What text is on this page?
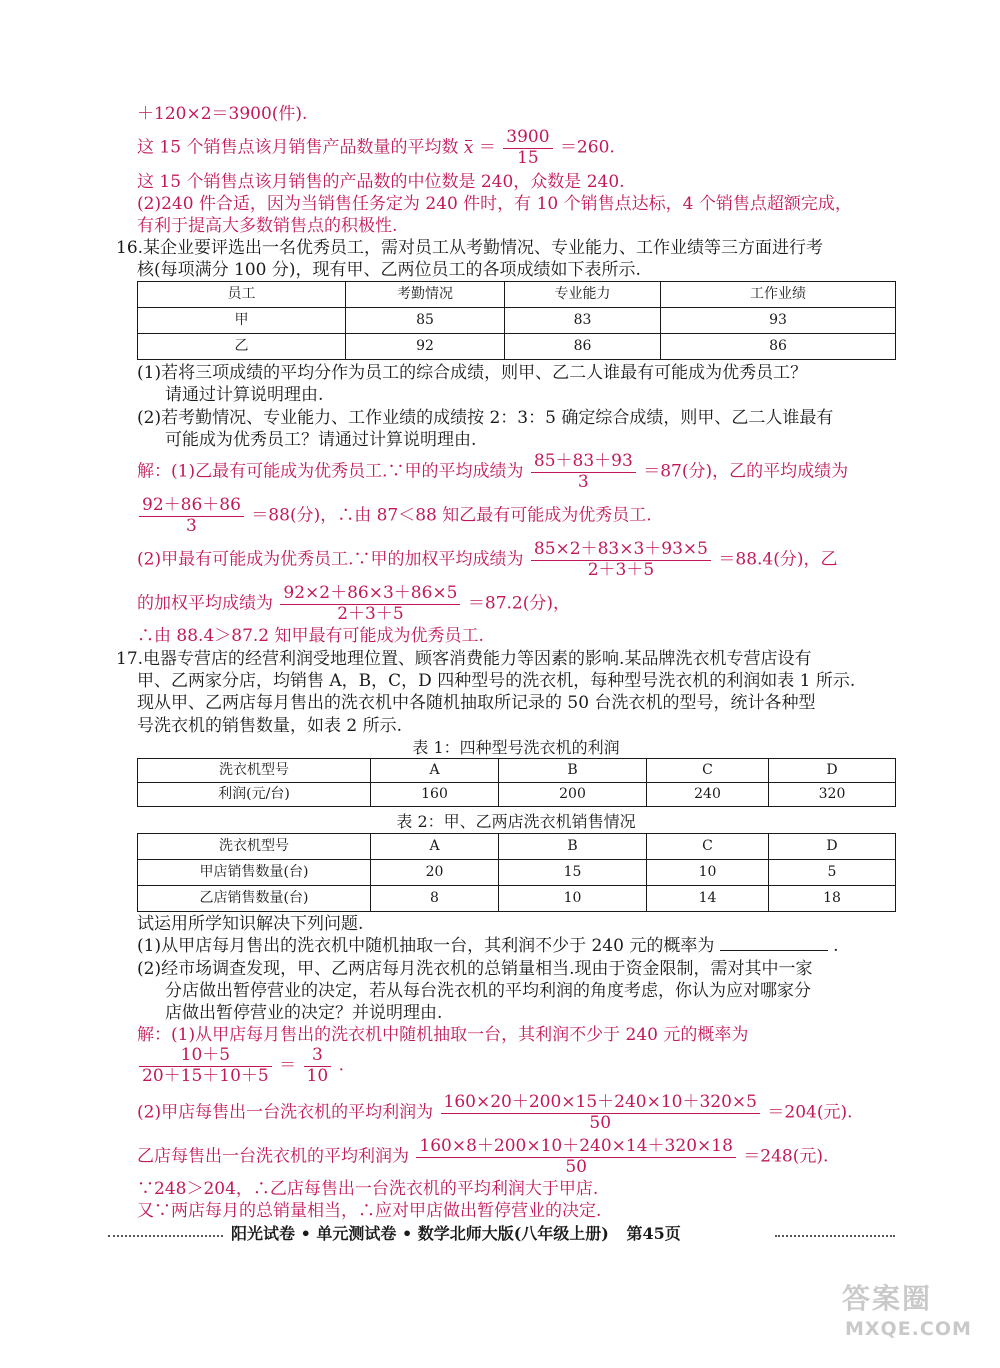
＋120×2＝3900(件).
这 15 个销售点该月销售产品数量的平均数 $x = \frac{3900}{15} =260$.
这 15 个销售点该月销售的产品数的中位数是 240，众数是 240.
(2)240 件合适，因为当销售任务定为 240 件时，有 10 个销售点达标，4 个销售点超额完成，
有利于提高大多数销售点的积极性.
16.某企业要评选出一名优秀员工，需对员工从考勤情况、专业能力、工作业绩等三方面进行考
核(每项满分 100 分)，现有甲、乙两位员工的各项成绩如下表所示.
员工	考勤情况	专业能力	工作业绩
甲	85	83	93
乙	92	86	86
(1)若将三项成绩的平均分作为员工的综合成绩，则甲、乙二人谁最有可能成为优秀员工？
请通过计算说明理由.
(2)若考勤情况、专业能力、工作业绩的成绩按 2：3：5 确定综合成绩，则甲、乙二人谁最有
可能成为优秀员工？请通过计算说明理由.
解：(1)乙最有可能成为优秀员工.∵甲的平均成绩为 $\frac{85+83+93}{3} =87$(分)，乙的平均成绩为
$\frac{92+86+86}{3} =88$(分)，∴由 87＜88 知乙最有可能成为优秀员工.
(2)甲最有可能成为优秀员工.∵甲的加权平均成绩为 $\frac{85\times 2+83\times 3+93\times 5}{2+3+5} =88.4$(分)，乙
的加权平均成绩为 $\frac{92\times 2+86\times 3+86\times 5}{2+3+5} =87.2$(分)，
∴由 88.4＞87.2 知甲最有可能成为优秀员工.
17.电器专营店的经营利润受地理位置、顾客消费能力等因素的影响.某品牌洗衣机专营店设有
甲、乙两家分店，均销售 A，B，C，D 四种型号的洗衣机，每种型号洗衣机的利润如表 1 所示.
现从甲、乙两店每月售出的洗衣机中各随机抽取所记录的 50 台洗衣机的型号，统计各种型
号洗衣机的销售数量，如表 2 所示.
表 1：四种型号洗衣机的利润
洗衣机型号	A	B	C	D
利润(元/台)	160	200	240	320
表 2：甲、乙两店洗衣机销售情况
洗衣机型号	A	B	C	D
甲店销售数量(台)	20	15	10	5
乙店销售数量(台)	8	10	14	18
试运用所学知识解决下列问题.
(1)从甲店每月售出的洗衣机中随机抽取一台，其利润不少于 240 元的概率为	.
(2)经市场调查发现，甲、乙两店每月洗衣机的总销量相当.现由于资金限制，需对其中一家
分店做出暂停营业的决定，若从每台洗衣机的平均利润的角度考虑，你认为应对哪家分
店做出暂停营业的决定？并说明理由.
解：(1)从甲店每月售出的洗衣机中随机抽取一台，其利润不少于 240 元的概率为
$\frac{10+5}{20+15+10+5} = \frac{3}{10}$ .
(2)甲店每售出一台洗衣机的平均利润为 $\frac{160\times 20+200\times 15+240\times 10+320\times 5}{50} =204$(元).
乙店每售出一台洗衣机的平均利润为 $\frac{160\times 8+200\times 10+240\times 14+320\times 18}{50} =248$(元).
∵248＞204，∴乙店每售出一台洗衣机的平均利润大于甲店.
又∵两店每月的总销量相当，∴应对甲店做出暂停营业的决定.
阳光试卷 • 单元测试卷 • 数学北师大版(八年级上册) 第45页
答案圈
MXQE.COM
